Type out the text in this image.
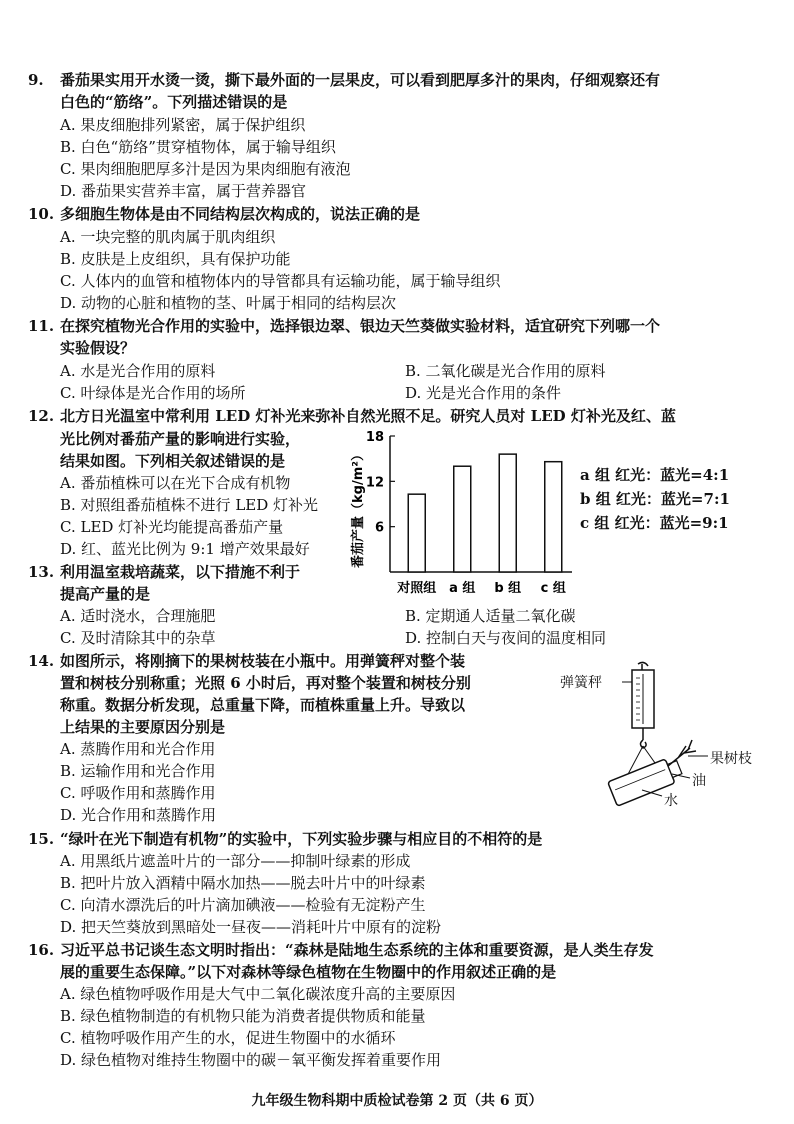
9. 番茄果实用开水烫一烫，撕下最外面的一层果皮，可以看到肥厚多汁的果肉，仔细观察还有
白色的“筋络”。下列描述错误的是
A. 果皮细胞排列紧密，属于保护组织
B. 白色“筋络”贯穿植物体，属于输导组织
C. 果肉细胞肥厚多汁是因为果肉细胞有液泡
D. 番茄果实营养丰富，属于营养器官
10. 多细胞生物体是由不同结构层次构成的，说法正确的是
A. 一块完整的肌肉属于肌肉组织
B. 皮肤是上皮组织，具有保护功能
C. 人体内的血管和植物体内的导管都具有运输功能，属于输导组织
D. 动物的心脏和植物的茎、叶属于相同的结构层次
11. 在探究植物光合作用的实验中，选择银边翠、银边天竺葵做实验材料，适宜研究下列哪一个
实验假设？
A. 水是光合作用的原料	B. 二氧化碳是光合作用的原料
C. 叶绿体是光合作用的场所	D. 光是光合作用的条件
12. 北方日光温室中常利用 LED 灯补光来弥补自然光照不足。研究人员对 LED 灯补光及红、蓝
光比例对番茄产量的影响进行实验，
结果如图。下列相关叙述错误的是
A. 番茄植株可以在光下合成有机物
B. 对照组番茄植株不进行 LED 灯补光
C. LED 灯补光均能提高番茄产量
D. 红、蓝光比例为 9:1 增产效果最好	番茄产量（kg/m²） 6
12
18
对照组 a 组 b 组 c 组
a 组 红光：蓝光=4:1
b 组 红光：蓝光=7:1
c 组 红光：蓝光=9:1
13. 利用温室栽培蔬菜，以下措施不利于
提高产量的是
A. 适时浇水，合理施肥	B. 定期通人适量二氧化碳
C. 及时清除其中的杂草	D. 控制白天与夜间的温度相同
14. 如图所示，将刚摘下的果树枝装在小瓶中。用弹簧秤对整个装
置和树枝分别称重；光照 6 小时后，再对整个装置和树枝分别
称重。数据分析发现，总重量下降，而植株重量上升。导致以
上结果的主要原因分别是
A. 蒸腾作用和光合作用
B. 运输作用和光合作用
C. 呼吸作用和蒸腾作用
D. 光合作用和蒸腾作用
弹簧秤
果树枝
油
水
15. “绿叶在光下制造有机物”的实验中，下列实验步骤与相应目的不相符的是
A. 用黑纸片遮盖叶片的一部分——抑制叶绿素的形成
B. 把叶片放入酒精中隔水加热——脱去叶片中的叶绿素
C. 向清水漂洗后的叶片滴加碘液——检验有无淀粉产生
D. 把天竺葵放到黑暗处一昼夜——消耗叶片中原有的淀粉
16. 习近平总书记谈生态文明时指出：“森林是陆地生态系统的主体和重要资源，是人类生存发
展的重要生态保障。”以下对森林等绿色植物在生物圈中的作用叙述正确的是
A. 绿色植物呼吸作用是大气中二氧化碳浓度升高的主要原因
B. 绿色植物制造的有机物只能为消费者提供物质和能量
C. 植物呼吸作用产生的水，促进生物圈中的水循环
D. 绿色植物对维持生物圈中的碳－氧平衡发挥着重要作用
九年级生物科期中质检试卷第 2 页（共 6 页）
